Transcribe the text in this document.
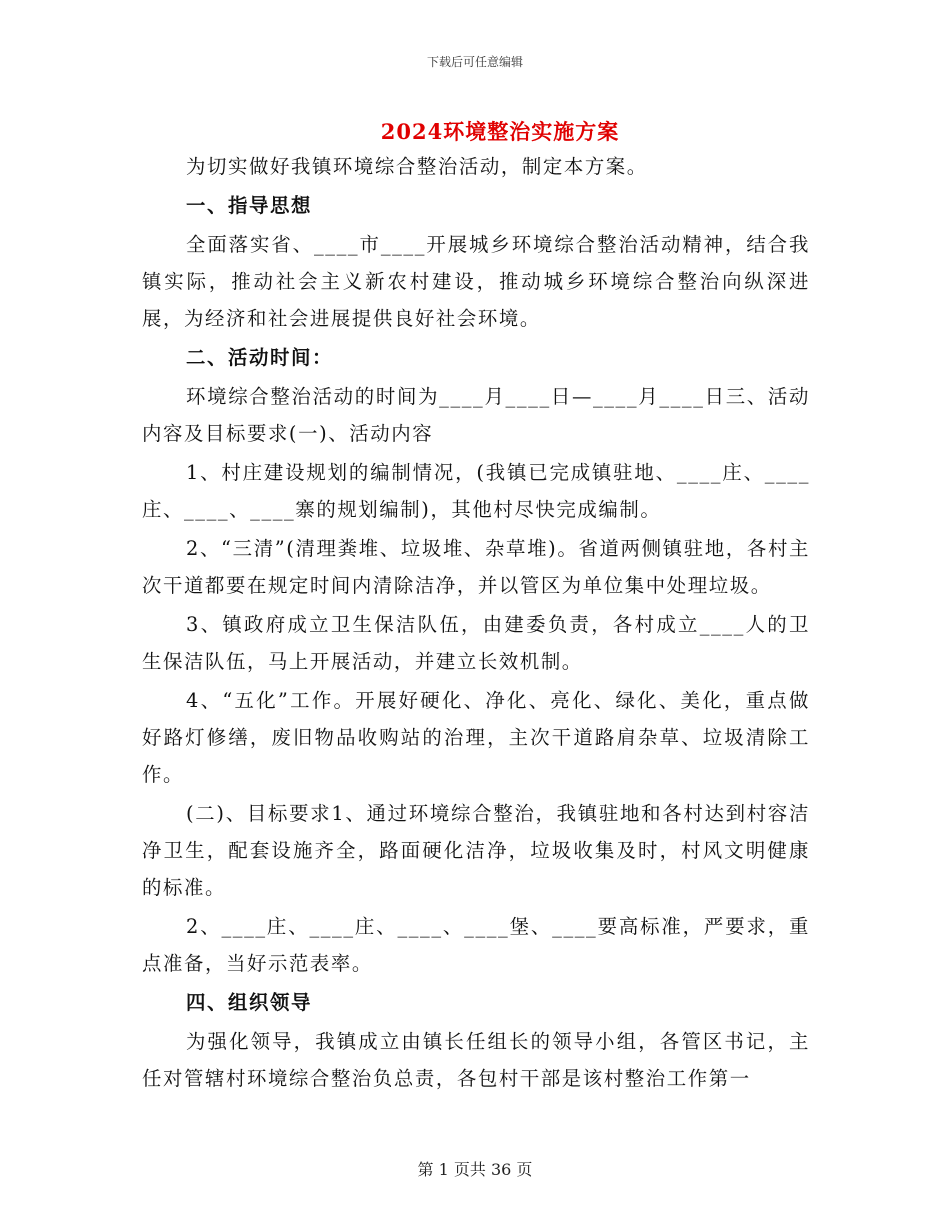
下载后可任意编辑
2024环境整治实施方案

为切实做好我镇环境综合整治活动，制定本方案。

一、指导思想

全面落实省、____市____开展城乡环境综合整治活动精神，结合我镇实际，推动社会主义新农村建设，推动城乡环境综合整治向纵深进展，为经济和社会进展提供良好社会环境。

二、活动时间：

环境综合整治活动的时间为____月____日—____月____日三、活动内容及目标要求(一)、活动内容

1、村庄建设规划的编制情况，(我镇已完成镇驻地、____庄、____庄、____、____寨的规划编制)，其他村尽快完成编制。

2、“三清”(清理粪堆、垃圾堆、杂草堆)。省道两侧镇驻地，各村主次干道都要在规定时间内清除洁净，并以管区为单位集中处理垃圾。

3、镇政府成立卫生保洁队伍，由建委负责，各村成立____人的卫生保洁队伍，马上开展活动，并建立长效机制。

4、“五化”工作。开展好硬化、净化、亮化、绿化、美化，重点做好路灯修缮，废旧物品收购站的治理，主次干道路肩杂草、垃圾清除工作。

(二)、目标要求1、通过环境综合整治，我镇驻地和各村达到村容洁净卫生，配套设施齐全，路面硬化洁净，垃圾收集及时，村风文明健康的标准。

2、____庄、____庄、____、____堡、____要高标准，严要求，重点准备，当好示范表率。

四、组织领导

为强化领导，我镇成立由镇长任组长的领导小组，各管区书记，主任对管辖村环境综合整治负总责，各包村干部是该村整治工作第一

第 1 页共 36 页
